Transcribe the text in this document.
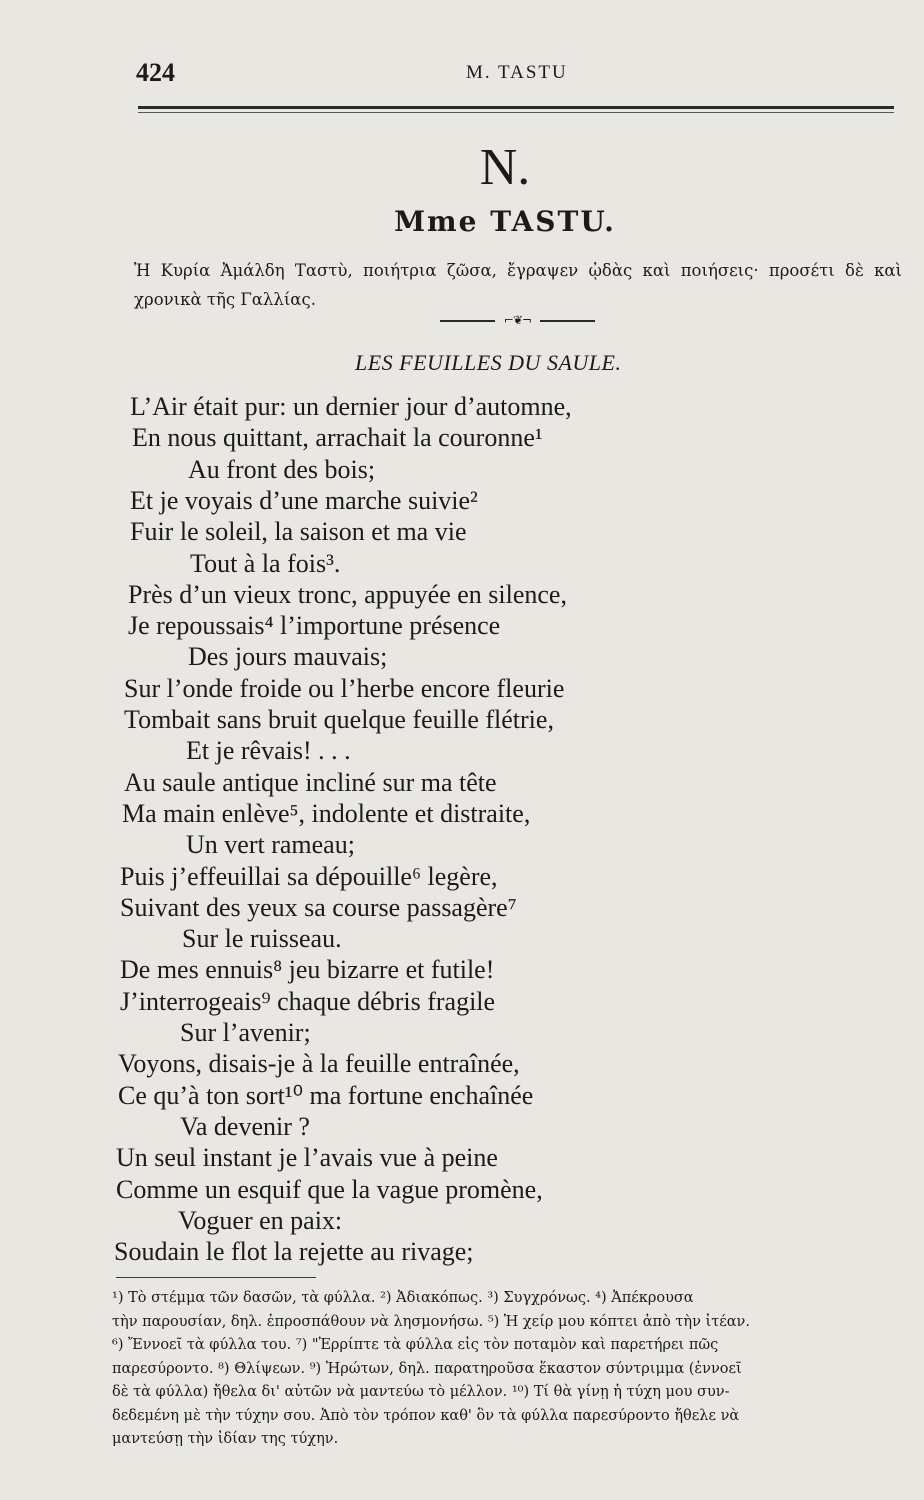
424	M. TASTU
N.
Mme TASTU.
Ἡ Κυρία Ἀμάλδη Ταστὺ, ποιήτρια ζῶσα, ἔγραψεν ᾠδὰς καὶ ποιήσεις· προσέτι δὲ καὶ χρονικὰ τῆς Γαλλίας.
⌐❦¬
LES FEUILLES DU SAULE.
L’Air était pur: un dernier jour d’automne,
En nous quittant, arrachait la couronne¹
Au front des bois;
Et je voyais d’une marche suivie²
Fuir le soleil, la saison et ma vie
Tout à la fois³.
Près d’un vieux tronc, appuyée en silence,
Je repoussais⁴ l’importune présence
Des jours mauvais;
Sur l’onde froide ou l’herbe encore fleurie
Tombait sans bruit quelque feuille flétrie,
Et je rêvais! . . .
Au saule antique incliné sur ma tête
Ma main enlève⁵, indolente et distraite,
Un vert rameau;
Puis j’effeuillai sa dépouille⁶ legère,
Suivant des yeux sa course passagère⁷
Sur le ruisseau.
De mes ennuis⁸ jeu bizarre et futile!
J’interrogeais⁹ chaque débris fragile
Sur l’avenir;
Voyons, disais-je à la feuille entraînée,
Ce qu’à ton sort¹⁰ ma fortune enchaînée
Va devenir ?
Un seul instant je l’avais vue à peine
Comme un esquif que la vague promène,
Voguer en paix:
Soudain le flot la rejette au rivage;
¹) Τὸ στέμμα τῶν δασῶν, τὰ φύλλα. ²) Ἀδιακόπως. ³) Συγχρόνως. ⁴) Ἀπέκρουσα
τὴν παρουσίαν, δηλ. ἐπροσπάθουν νὰ λησμονήσω. ⁵) Ἡ χείρ μου κόπτει ἀπὸ τὴν ἰτέαν.
⁶) Ἔννοεῖ τὰ φύλλα του. ⁷) "Ἐρρίπτε τὰ φύλλα εἰς τὸν ποταμὸν καὶ παρετήρει πῶς
παρεσύροντο. ⁸) Θλίψεων. ⁹) Ἠρώτων, δηλ. παρατηροῦσα ἕκαστον σύντριμμα (ἐννοεῖ
δὲ τὰ φύλλα) ἤθελα δι' αὐτῶν νὰ μαντεύω τὸ μέλλον. ¹⁰) Τί θὰ γίνῃ ἡ τύχη μου συν-
δεδεμένη μὲ τὴν τύχην σου. Ἀπὸ τὸν τρόπον καθ' ὃν τὰ φύλλα παρεσύροντο ἤθελε νὰ
μαντεύσῃ τὴν ἰδίαν της τύχην.
